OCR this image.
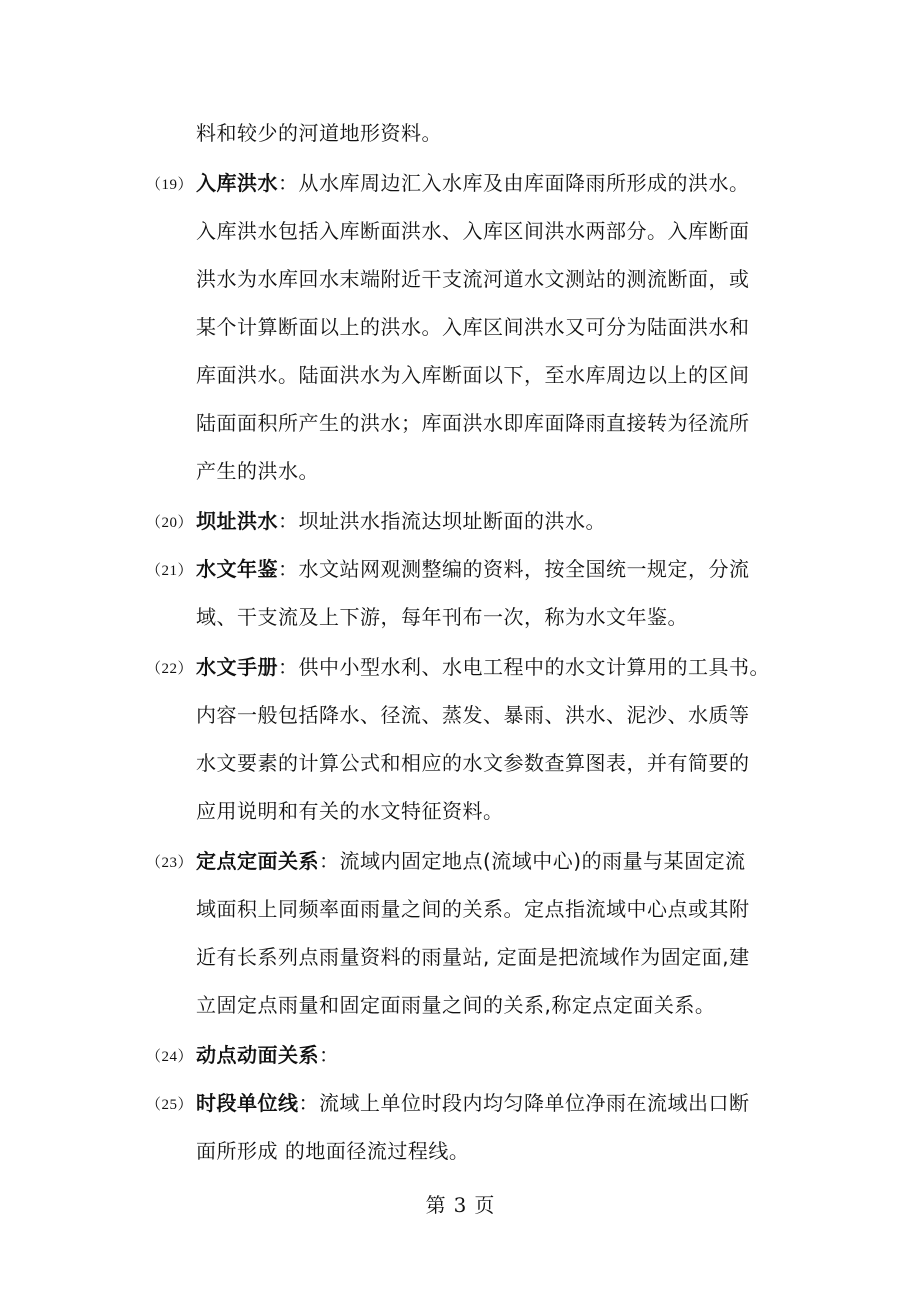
料和较少的河道地形资料。
（19） 入库洪水：从水库周边汇入水库及由库面降雨所形成的洪水。
入库洪水包括入库断面洪水、入库区间洪水两部分。入库断面
洪水为水库回水末端附近干支流河道水文测站的测流断面，或
某个计算断面以上的洪水。入库区间洪水又可分为陆面洪水和
库面洪水。陆面洪水为入库断面以下，至水库周边以上的区间
陆面面积所产生的洪水；库面洪水即库面降雨直接转为径流所
产生的洪水。
（20） 坝址洪水：坝址洪水指流达坝址断面的洪水。
（21） 水文年鉴：水文站网观测整编的资料，按全国统一规定，分流
域、干支流及上下游，每年刊布一次，称为水文年鉴。
（22） 水文手册：供中小型水利、水电工程中的水文计算用的工具书。
内容一般包括降水、径流、蒸发、暴雨、洪水、泥沙、水质等
水文要素的计算公式和相应的水文参数查算图表，并有简要的
应用说明和有关的水文特征资料。
（23） 定点定面关系：流域内固定地点(流域中心)的雨量与某固定流
域面积上同频率面雨量之间的关系。定点指流域中心点或其附
近有长系列点雨量资料的雨量站, 定面是把流域作为固定面,建
立固定点雨量和固定面雨量之间的关系,称定点定面关系。
（24） 动点动面关系：
（25） 时段单位线：流域上单位时段内均匀降单位净雨在流域出口断
面所形成 的地面径流过程线。
第 3 页
